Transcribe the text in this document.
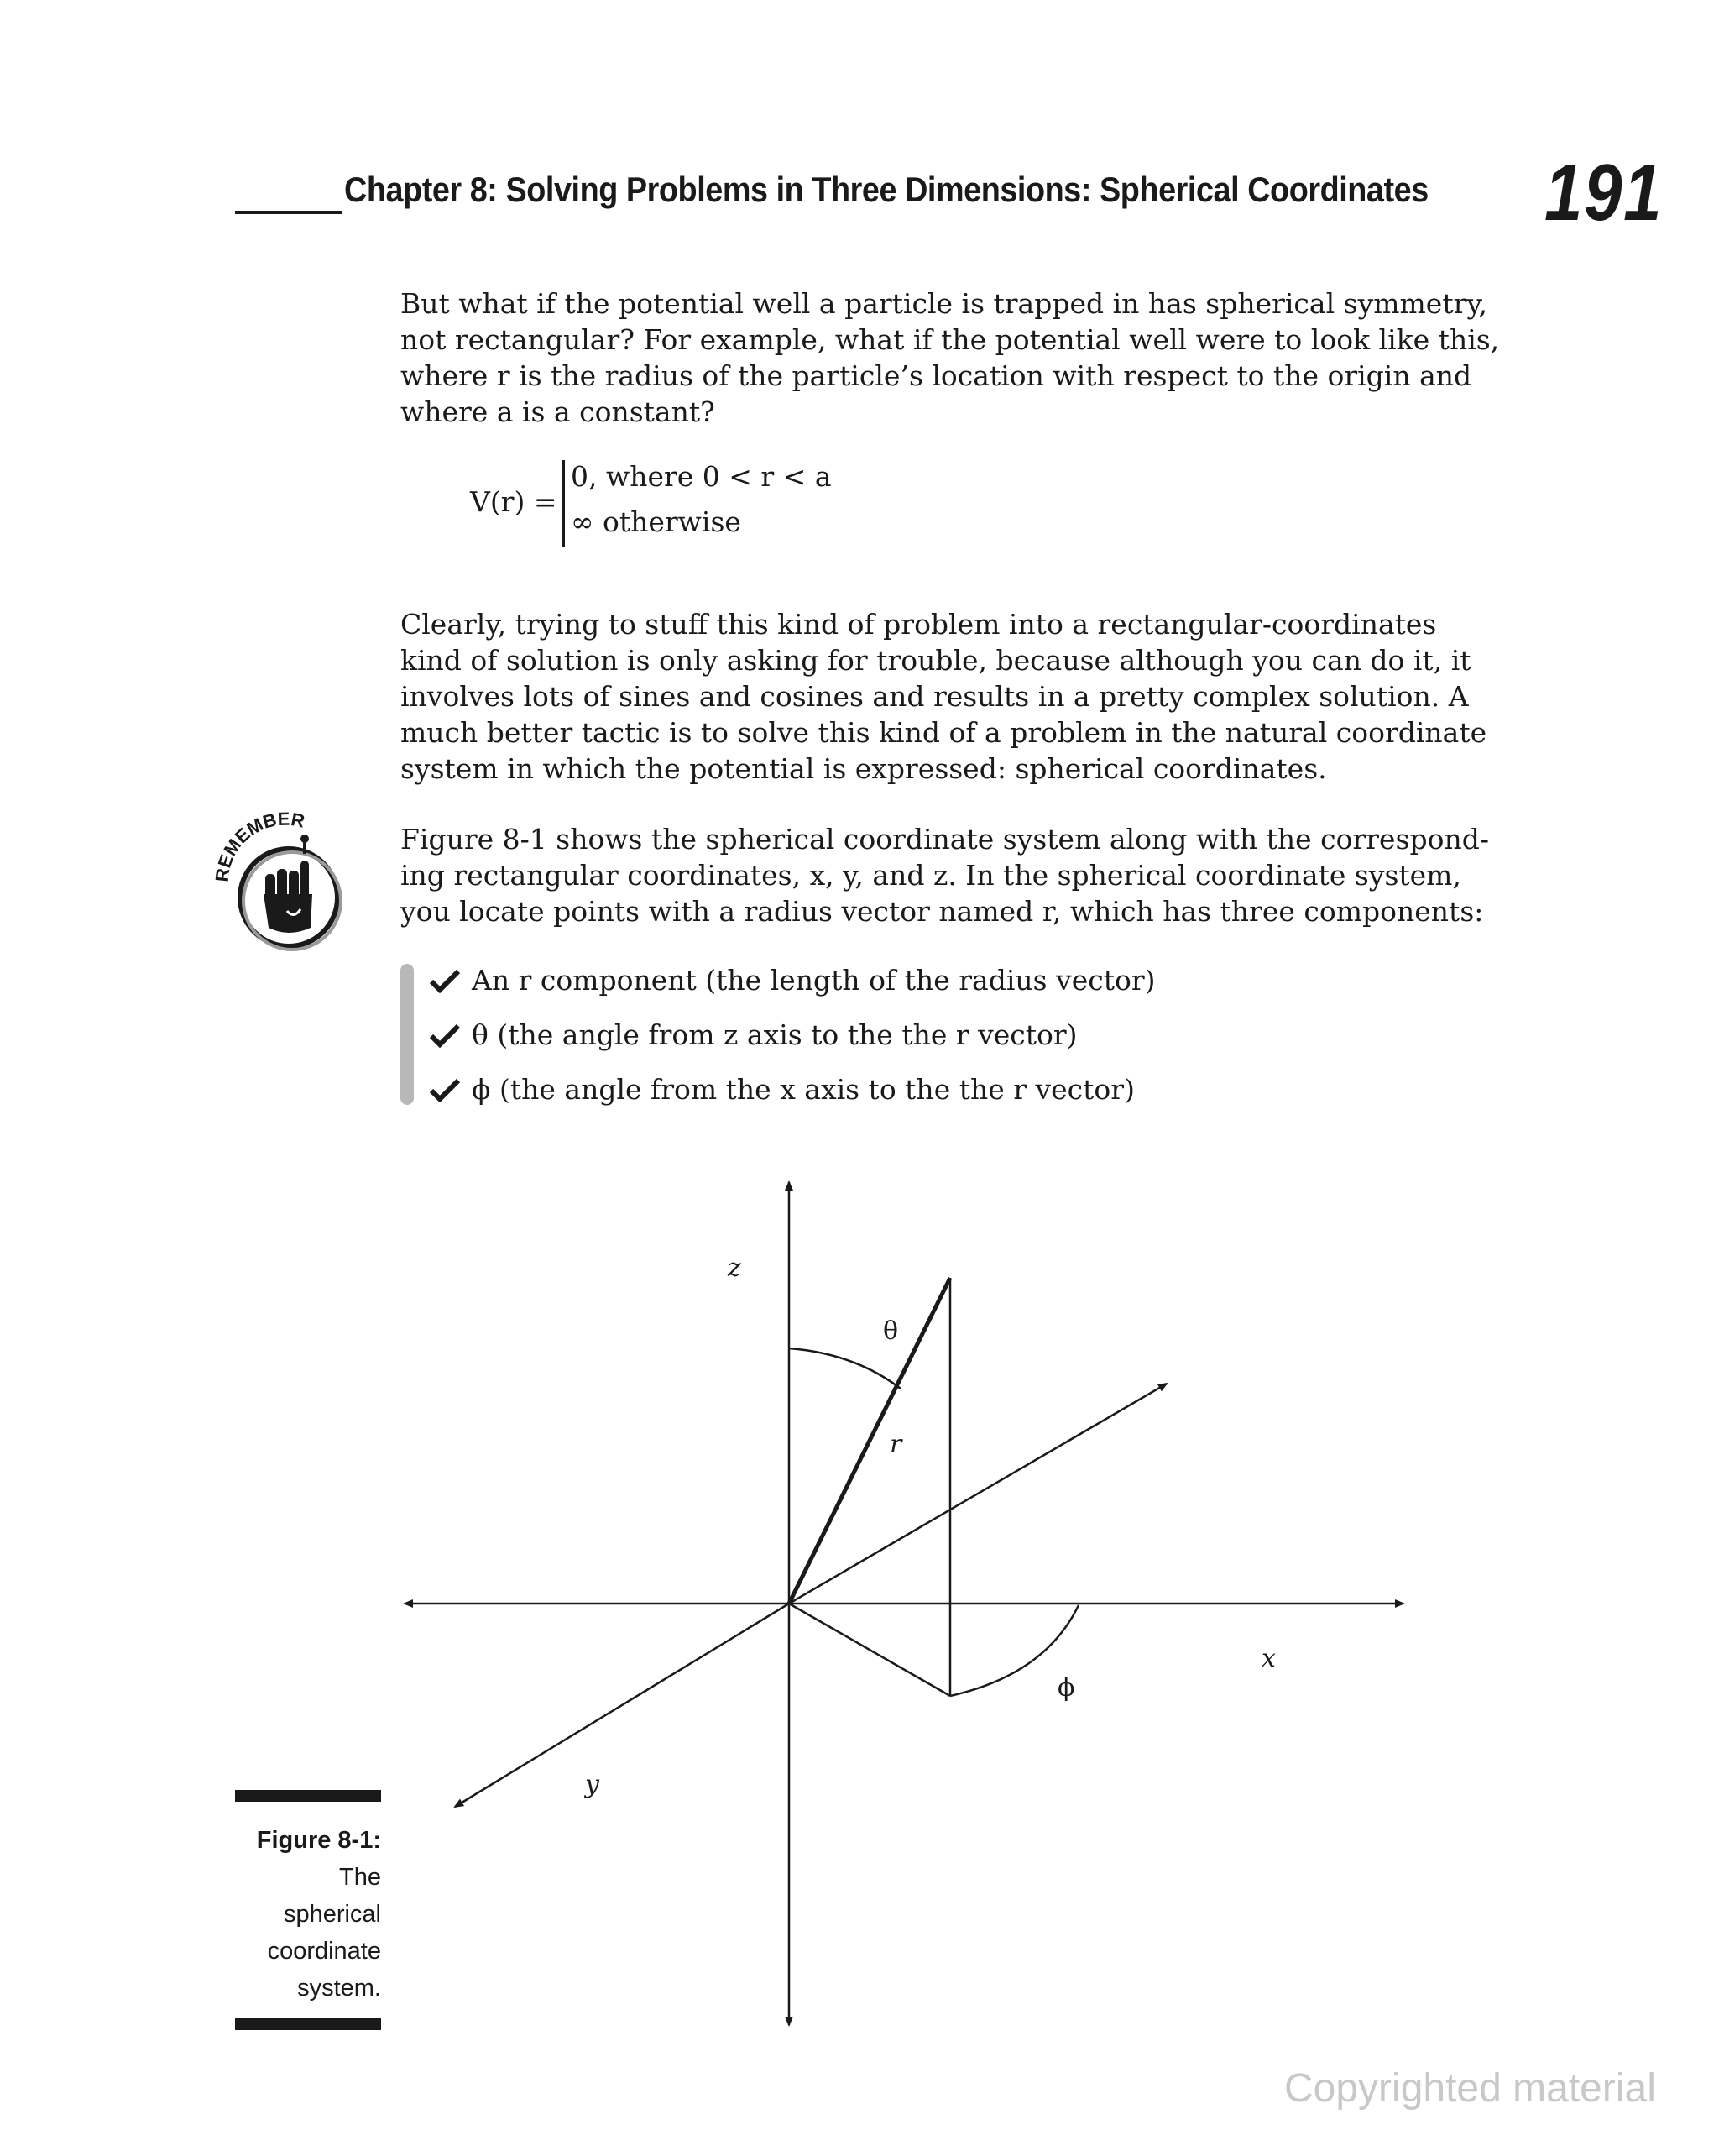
Chapter 8: Solving Problems in Three Dimensions: Spherical Coordinates 191

But what if the potential well a particle is trapped in has spherical symmetry,
not rectangular? For example, what if the potential well were to look like this,
where r is the radius of the particle’s location with respect to the origin and
where a is a constant?

V(r) =
0, where 0 < r < a
∞ otherwise

Clearly, trying to stuff this kind of problem into a rectangular-coordinates
kind of solution is only asking for trouble, because although you can do it, it
involves lots of sines and cosines and results in a pretty complex solution. A
much better tactic is to solve this kind of a problem in the natural coordinate
system in which the potential is expressed: spherical coordinates.

REMEMBER

Figure 8-1 shows the spherical coordinate system along with the correspond-
ing rectangular coordinates, x, y, and z. In the spherical coordinate system,
you locate points with a radius vector named r, which has three components:

An r component (the length of the radius vector)
θ (the angle from z axis to the the r vector)
ϕ (the angle from the x axis to the the r vector)
z
θ
r
x
ϕ
y
Figure 8-1:
The
spherical
coordinate
system.
Copyrighted material
